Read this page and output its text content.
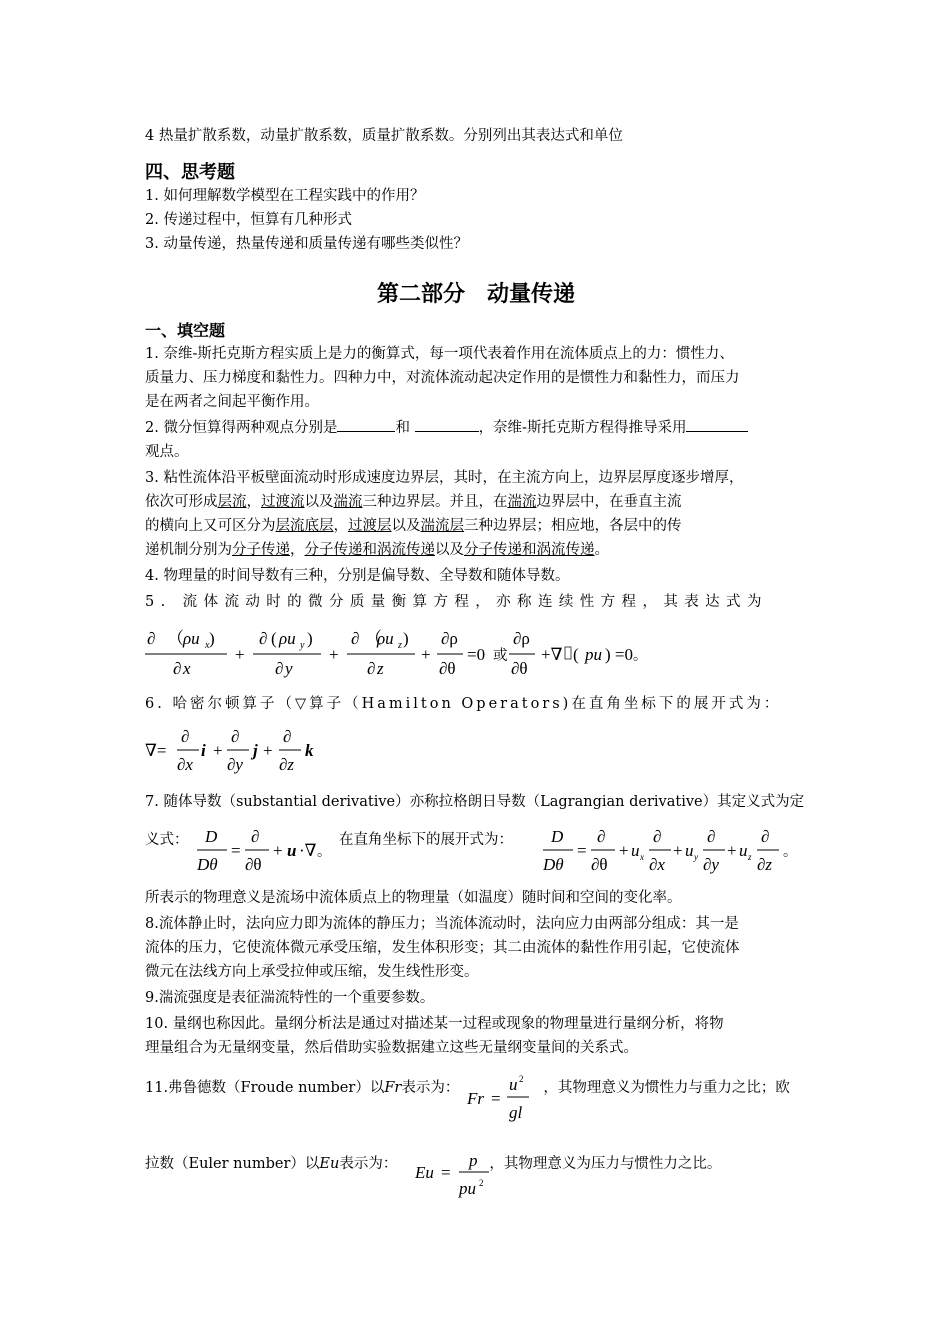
4 热量扩散系数，动量扩散系数，质量扩散系数。分别列出其表达式和单位
四、思考题
1. 如何理解数学模型在工程实践中的作用？
2. 传递过程中，恒算有几种形式
3. 动量传递，热量传递和质量传递有哪些类似性？
第二部分　动量传递
一、填空题
1. 奈维-斯托克斯方程实质上是力的衡算式，每一项代表着作用在流体质点上的力：惯性力、
质量力、压力梯度和黏性力。四种力中，对流体流动起决定作用的是惯性力和黏性力，而压力
是在两者之间起平衡作用。
2. 微分恒算得两种观点分别是	和	，奈维-斯托克斯方程得推导采用
观点。
3. 粘性流体沿平板壁面流动时形成速度边界层，其时，在主流方向上，边界层厚度逐步增厚，
依次可形成层流，过渡流以及湍流三种边界层。并且，在湍流边界层中，在垂直主流
的横向上又可区分为层流底层，过渡层以及湍流层三种边界层；相应地，各层中的传
递机制分别为分子传递，分子传递和涡流传递以及分子传递和涡流传递。
4. 物理量的时间导数有三种，分别是偏导数、全导数和随体导数。
5. 流体流动时的微分质量衡算方程，亦称连续性方程，其表达式为
∂ （ ρu x )
∂ x
+
∂ ( ρu y )
∂ y
+
∂ （
ρu z )
∂ z
+
∂ρ
∂θ
=0 或
∂ρ
∂θ
+∇ ( pu ) =0 。
6. 哈密尔顿算子（▽算子（Hamilton Operators)在直角坐标下的展开式为：
∇=
∂
∂x
i +
∂
∂y
j +
∂
∂z
k
7. 随体导数（substantial derivative）亦称拉格朗日导数（Lagrangian derivative）其定义式为定
义式： D
Dθ
=
∂
∂θ
+ u ·∇ 。
在直角坐标下的展开式为：	D
Dθ
=
∂
∂θ
+ u x
∂
∂x
+ u y
∂
∂y
+ u z
∂
∂z
。
所表示的物理意义是流场中流体质点上的物理量（如温度）随时间和空间的变化率。
8.流体静止时，法向应力即为流体的静压力；当流体流动时，法向应力由两部分组成：其一是
流体的压力，它使流体微元承受压缩，发生体积形变；其二由流体的黏性作用引起，它使流体
微元在法线方向上承受拉伸或压缩，发生线性形变。
9.湍流强度是表征湍流特性的一个重要参数。
10. 量纲也称因此。量纲分析法是通过对描述某一过程或现象的物理量进行量纲分析，将物
理量组合为无量纲变量，然后借助实验数据建立这些无量纲变量间的关系式。
11.弗鲁德数（Froude number）以Fr表示为：	，其物理意义为惯性力与重力之比；欧
Fr =
u 2
gl
拉数（Euler number）以Eu表示为：	，其物理意义为压力与惯性力之比。
Eu =
p
pu 2
